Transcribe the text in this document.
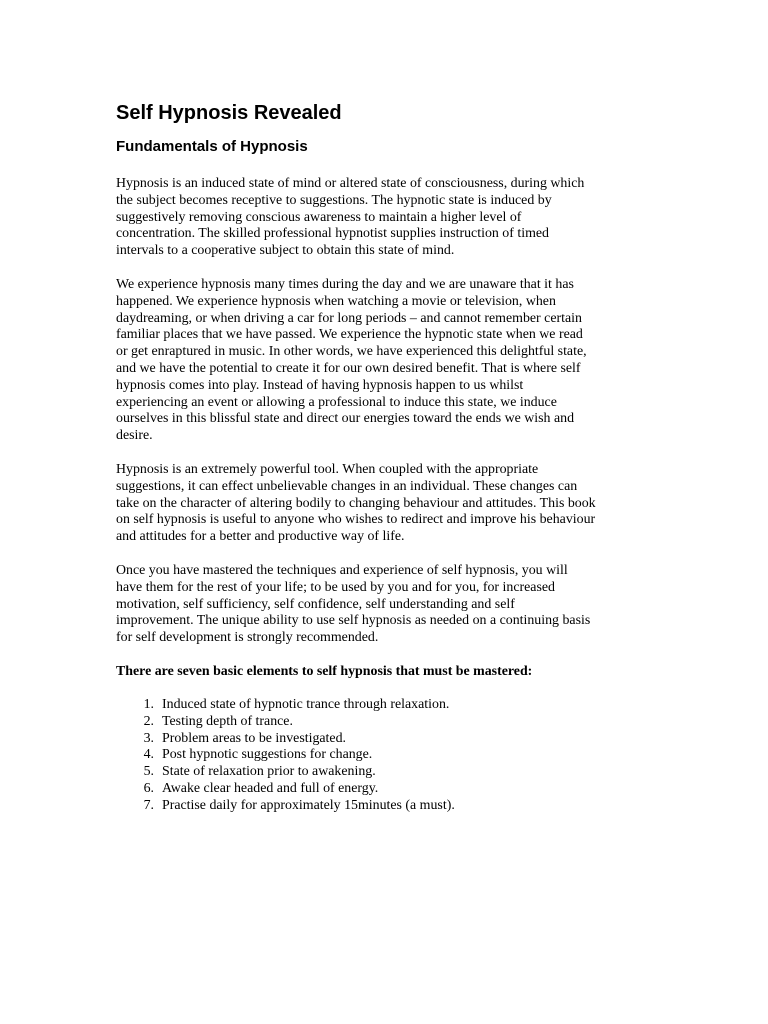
Self Hypnosis Revealed
Fundamentals of Hypnosis

Hypnosis is an induced state of mind or altered state of consciousness, during which
the subject becomes receptive to suggestions. The hypnotic state is induced by
suggestively removing conscious awareness to maintain a higher level of
concentration. The skilled professional hypnotist supplies instruction of timed
intervals to a cooperative subject to obtain this state of mind.

We experience hypnosis many times during the day and we are unaware that it has
happened. We experience hypnosis when watching a movie or television, when
daydreaming, or when driving a car for long periods – and cannot remember certain
familiar places that we have passed. We experience the hypnotic state when we read
or get enraptured in music. In other words, we have experienced this delightful state,
and we have the potential to create it for our own desired benefit. That is where self
hypnosis comes into play. Instead of having hypnosis happen to us whilst
experiencing an event or allowing a professional to induce this state, we induce
ourselves in this blissful state and direct our energies toward the ends we wish and
desire.

Hypnosis is an extremely powerful tool. When coupled with the appropriate
suggestions, it can effect unbelievable changes in an individual. These changes can
take on the character of altering bodily to changing behaviour and attitudes. This book
on self hypnosis is useful to anyone who wishes to redirect and improve his behaviour
and attitudes for a better and productive way of life.

Once you have mastered the techniques and experience of self hypnosis, you will
have them for the rest of your life; to be used by you and for you, for increased
motivation, self sufficiency, self confidence, self understanding and self
improvement. The unique ability to use self hypnosis as needed on a continuing basis
for self development is strongly recommended.

There are seven basic elements to self hypnosis that must be mastered:

1. Induced state of hypnotic trance through relaxation.
2. Testing depth of trance.
3. Problem areas to be investigated.
4. Post hypnotic suggestions for change.
5. State of relaxation prior to awakening.
6. Awake clear headed and full of energy.
7. Practise daily for approximately 15minutes (a must).
